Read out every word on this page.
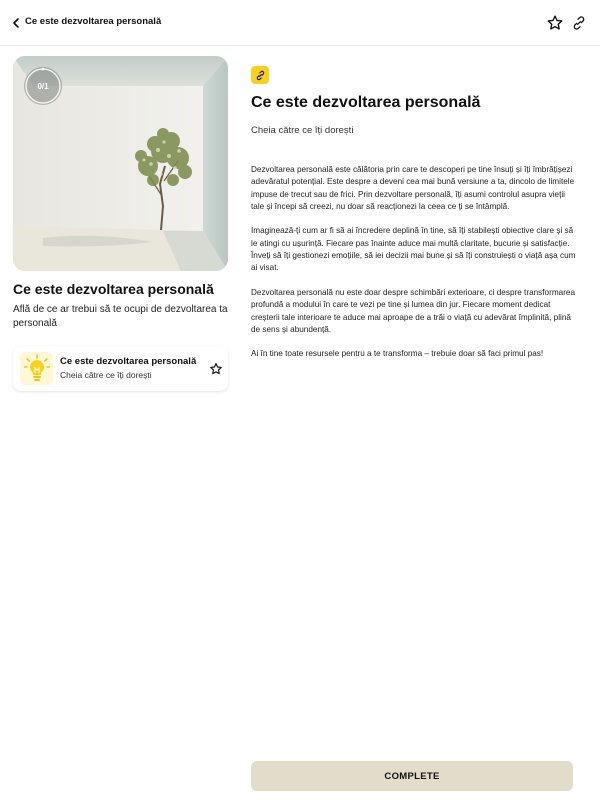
Ce este dezvoltarea personală
0/1
Ce este dezvoltarea personală
Află de ce ar trebui să te ocupi de dezvoltarea ta personală
Ce este dezvoltarea personală
Cheia către ce îți dorești
Ce este dezvoltarea personală
Cheia către ce îți dorești

Dezvoltarea personală este călătoria prin care te descoperi pe tine însuți și îți îmbrățișezi adevăratul potențial. Este despre a deveni cea mai bună versiune a ta, dincolo de limitele impuse de trecut sau de frici. Prin dezvoltare personală, îți asumi controlul asupra vieții tale și începi să creezi, nu doar să reacționezi la ceea ce ți se întâmplă.

Imaginează-ți cum ar fi să ai încredere deplină în tine, să îți stabilești obiective clare și să le atingi cu ușurință. Fiecare pas înainte aduce mai multă claritate, bucurie și satisfacție. Înveți să îți gestionezi emoțiile, să iei decizii mai bune și să îți construiești o viață așa cum ai visat.

Dezvoltarea personală nu este doar despre schimbări exterioare, ci despre transformarea profundă a modului în care te vezi pe tine și lumea din jur. Fiecare moment dedicat creșterii tale interioare te aduce mai aproape de a trăi o viață cu adevărat împlinită, plină de sens și abundență.

Ai în tine toate resursele pentru a te transforma – trebuie doar să faci primul pas!

COMPLETE
